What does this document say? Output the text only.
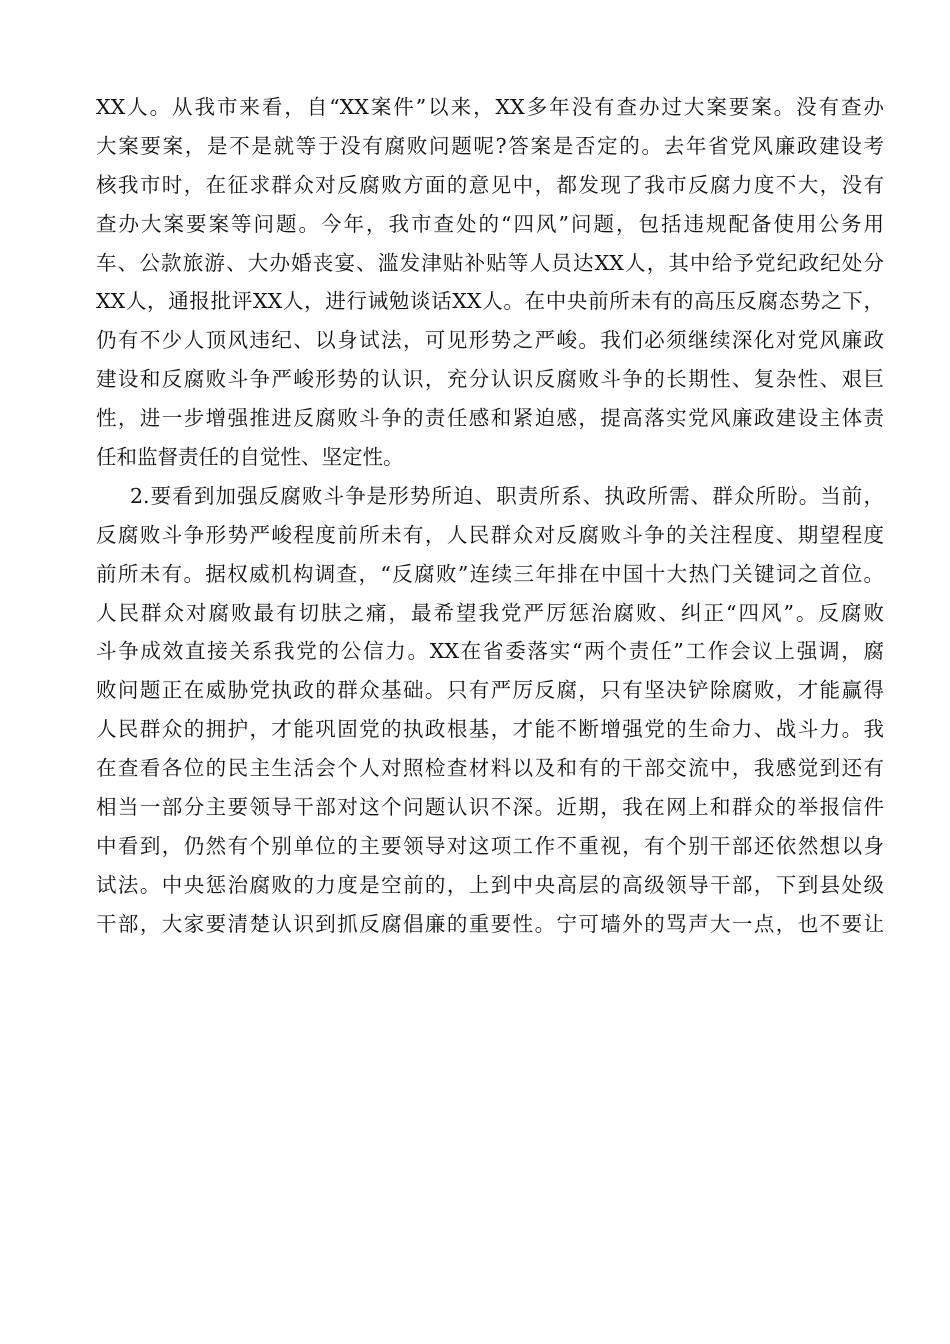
XX人。从我市来看，自“XX案件”以来，XX多年没有查办过大案要案。没有查办
大案要案，是不是就等于没有腐败问题呢?答案是否定的。去年省党风廉政建设考
核我市时，在征求群众对反腐败方面的意见中，都发现了我市反腐力度不大，没有
查办大案要案等问题。今年，我市查处的“四风”问题，包括违规配备使用公务用
车、公款旅游、大办婚丧宴、滥发津贴补贴等人员达XX人，其中给予党纪政纪处分
XX人，通报批评XX人，进行诫勉谈话XX人。在中央前所未有的高压反腐态势之下，
仍有不少人顶风违纪、以身试法，可见形势之严峻。我们必须继续深化对党风廉政
建设和反腐败斗争严峻形势的认识，充分认识反腐败斗争的长期性、复杂性、艰巨
性，进一步增强推进反腐败斗争的责任感和紧迫感，提高落实党风廉政建设主体责
任和监督责任的自觉性、坚定性。
2.要看到加强反腐败斗争是形势所迫、职责所系、执政所需、群众所盼。当前，
反腐败斗争形势严峻程度前所未有，人民群众对反腐败斗争的关注程度、期望程度
前所未有。据权威机构调查，“反腐败”连续三年排在中国十大热门关键词之首位。
人民群众对腐败最有切肤之痛，最希望我党严厉惩治腐败、纠正“四风”。反腐败
斗争成效直接关系我党的公信力。XX在省委落实“两个责任”工作会议上强调，腐
败问题正在威胁党执政的群众基础。只有严厉反腐，只有坚决铲除腐败，才能赢得
人民群众的拥护，才能巩固党的执政根基，才能不断增强党的生命力、战斗力。我
在查看各位的民主生活会个人对照检查材料以及和有的干部交流中，我感觉到还有
相当一部分主要领导干部对这个问题认识不深。近期，我在网上和群众的举报信件
中看到，仍然有个别单位的主要领导对这项工作不重视，有个别干部还依然想以身
试法。中央惩治腐败的力度是空前的，上到中央高层的高级领导干部，下到县处级
干部，大家要清楚认识到抓反腐倡廉的重要性。宁可墙外的骂声大一点，也不要让
